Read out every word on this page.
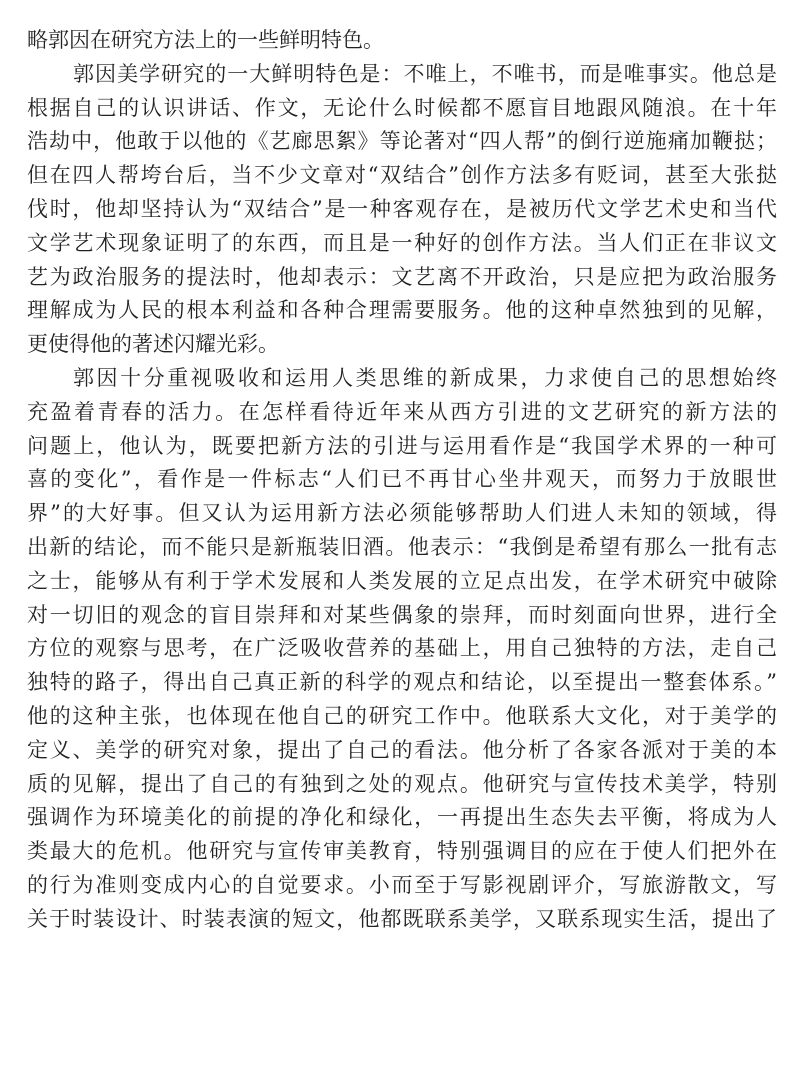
略郭因在研究方法上的一些鲜明特色。
郭因美学研究的一大鲜明特色是：不唯上，不唯书，而是唯事实。他总是
根据自己的认识讲话、作文，无论什么时候都不愿盲目地跟风随浪。在十年
浩劫中，他敢于以他的《艺廊思絮》等论著对“四人帮”的倒行逆施痛加鞭挞；
但在四人帮垮台后，当不少文章对“双结合”创作方法多有贬词，甚至大张挞
伐时，他却坚持认为“双结合”是一种客观存在，是被历代文学艺术史和当代
文学艺术现象证明了的东西，而且是一种好的创作方法。当人们正在非议文
艺为政治服务的提法时，他却表示：文艺离不开政治，只是应把为政治服务
理解成为人民的根本利益和各种合理需要服务。他的这种卓然独到的见解，
更使得他的著述闪耀光彩。
郭因十分重视吸收和运用人类思维的新成果，力求使自己的思想始终
充盈着青春的活力。在怎样看待近年来从西方引进的文艺研究的新方法的
问题上，他认为，既要把新方法的引进与运用看作是“我国学术界的一种可
喜的变化”，看作是一件标志“人们已不再甘心坐井观天，而努力于放眼世
界”的大好事。但又认为运用新方法必须能够帮助人们进人未知的领域，得
出新的结论，而不能只是新瓶装旧酒。他表示：“我倒是希望有那么一批有志
之士，能够从有利于学术发展和人类发展的立足点出发，在学术研究中破除
对一切旧的观念的盲目崇拜和对某些偶象的崇拜，而时刻面向世界，进行全
方位的观察与思考，在广泛吸收营养的基础上，用自己独特的方法，走自己
独特的路子，得出自己真正新的科学的观点和结论，以至提出一整套体系。”
他的这种主张，也体现在他自己的研究工作中。他联系大文化，对于美学的
定义、美学的研究对象，提出了自己的看法。他分析了各家各派对于美的本
质的见解，提出了自己的有独到之处的观点。他研究与宣传技术美学，特别
强调作为环境美化的前提的净化和绿化，一再提出生态失去平衡，将成为人
类最大的危机。他研究与宣传审美教育，特别强调目的应在于使人们把外在
的行为准则变成内心的自觉要求。小而至于写影视剧评介，写旅游散文，写
关于时装设计、时装表演的短文，他都既联系美学，又联系现实生活，提出了
